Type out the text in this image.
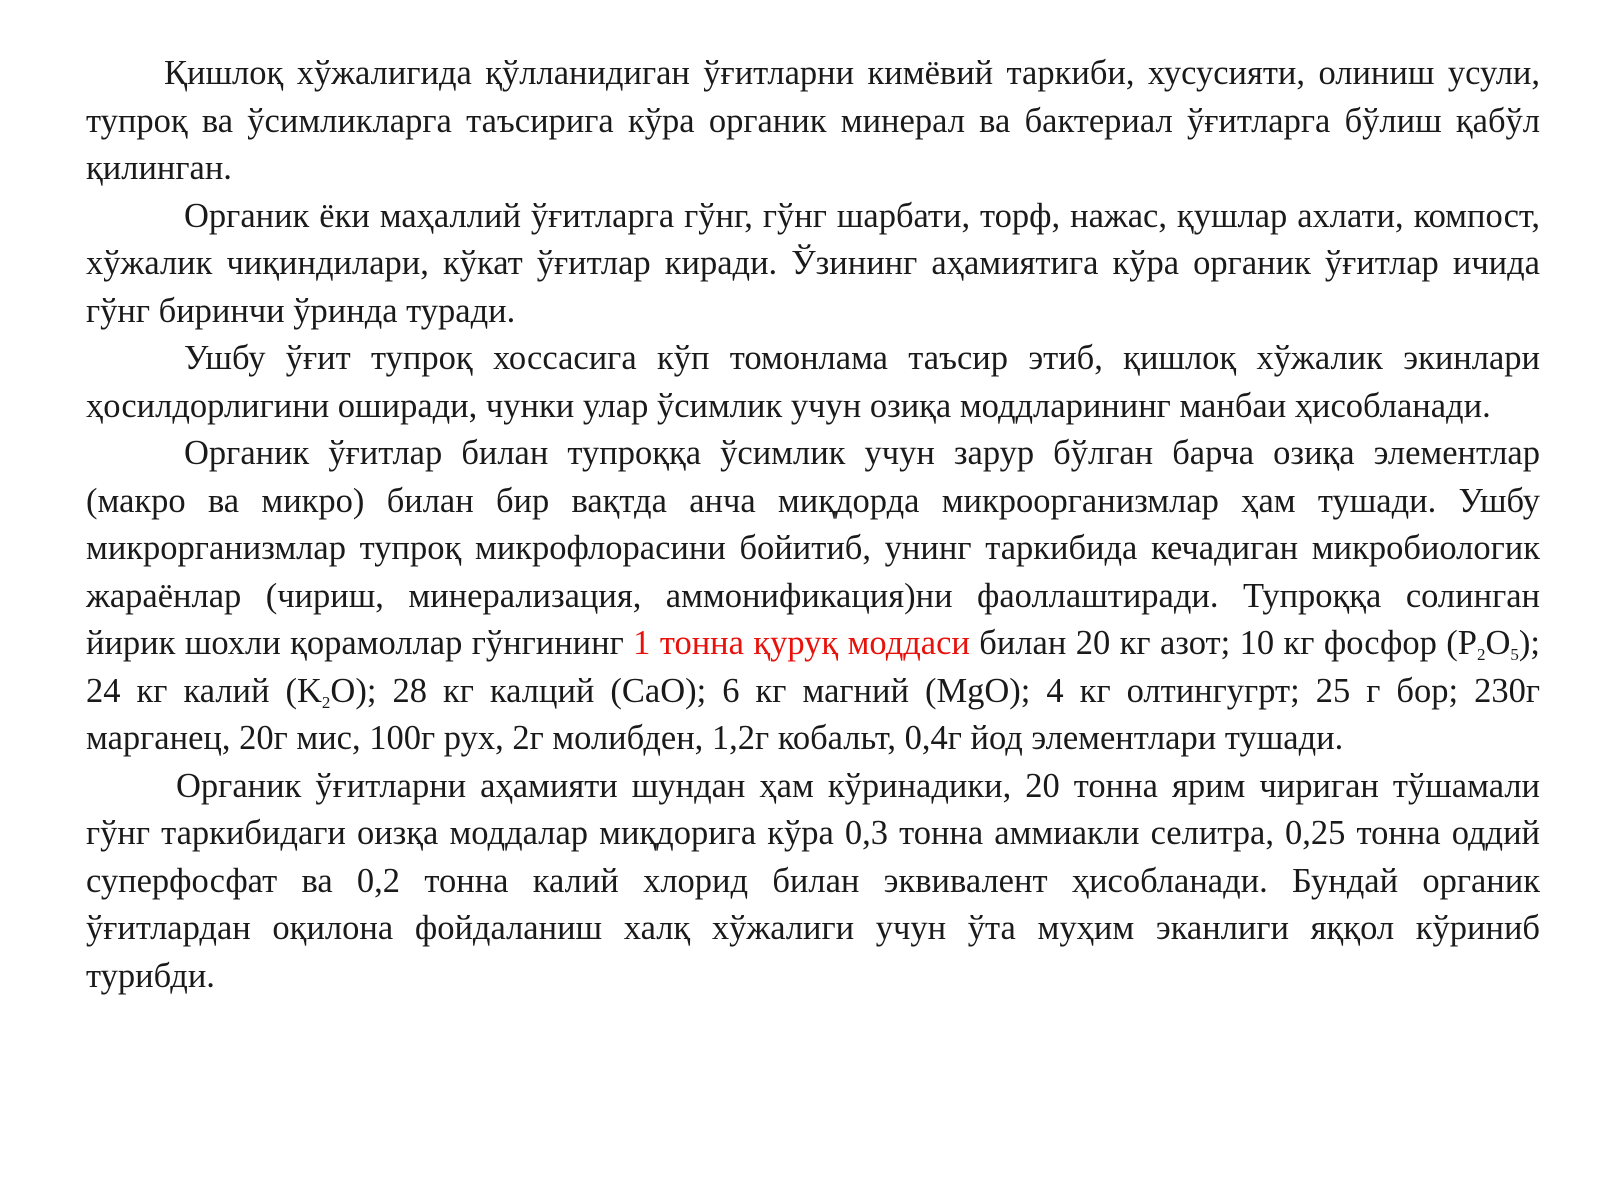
Қишлоқ хўжалигида қўлланидиган ўғитларни кимёвий таркиби, хусусияти, олиниш усули, тупроқ ва ўсимликларга таъсирига кўра органик минерал ва бактериал ўғитларга бўлиш қабўл қилинган.

Органик ёки маҳаллий ўғитларга гўнг, гўнг шарбати, торф, нажас, қушлар ахлати, компост, хўжалик чиқиндилари, кўкат ўғитлар киради. Ўзининг аҳамиятига кўра органик ўғитлар ичида гўнг биринчи ўринда туради.

Ушбу ўғит тупроқ хоссасига кўп томонлама таъсир этиб, қишлоқ хўжалик экинлари ҳосилдорлигини оширади, чунки улар ўсимлик учун озиқа моддларининг манбаи ҳисобланади.

Органик ўғитлар билан тупроққа ўсимлик учун зарур бўлган барча озиқа элементлар (макро ва микро) билан бир вақтда анча миқдорда микроорганизмлар ҳам тушади. Ушбу микрорганизмлар тупроқ микрофлорасини бойитиб, унинг таркибида кечадиган микробиологик жараёнлар (чириш, минерализация, аммонификация)ни фаоллаштиради. Тупроққа солинган йирик шохли қорамоллар гўнгининг 1 тонна қуруқ моддаси билан 20 кг азот; 10 кг фосфор $(P_2O_5)$; 24 кг калий $(K_2O)$; 28 кг калций (CaO); 6 кг магний (MgO); 4 кг олтингугрт; 25 г бор; 230г марганец, 20г мис, 100г рух, 2г молибден, 1,2г кобальт, 0,4г йод элементлари тушади.

Органик ўғитларни аҳамияти шундан ҳам кўринадики, 20 тонна ярим чириган тўшамали гўнг таркибидаги оизқа моддалар миқдорига кўра 0,3 тонна аммиакли селитра, 0,25 тонна оддий суперфосфат ва 0,2 тонна калий хлорид билан эквивалент ҳисобланади. Бундай органик ўғитлардан оқилона фойдаланиш халқ хўжалиги учун ўта муҳим эканлиги яққол кўриниб турибди.
